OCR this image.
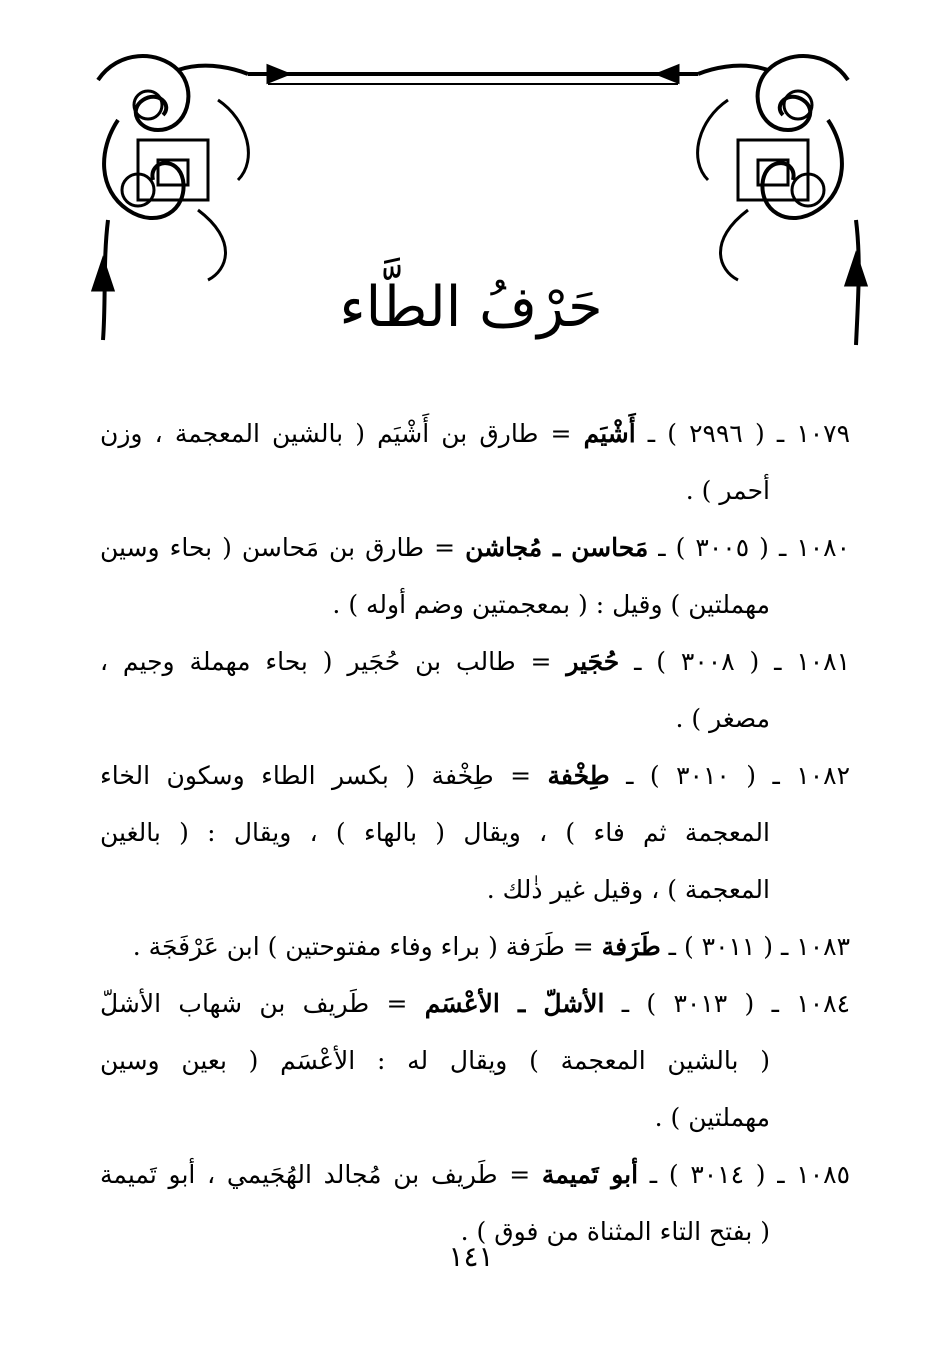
حَرْفُ الطَّاء
١٠٧٩ ـ ( ٢٩٩٦ ) ـ أَشْيَم = طارق بن أَشْيَم ( بالشين المعجمة ، وزن
أحمر ) .
١٠٨٠ ـ ( ٣٠٠٥ ) ـ مَحاسن ـ مُجاشن = طارق بن مَحاسن ( بحاء وسين
مهملتين ) وقيل : ( بمعجمتين وضم أوله ) .
١٠٨١ ـ ( ٣٠٠٨ ) ـ حُجَير = طالب بن حُجَير ( بحاء مهملة وجيم ،
مصغر ) .
١٠٨٢ ـ ( ٣٠١٠ ) ـ طِخْفة = طِخْفة ( بكسر الطاء وسكون الخاء
المعجمة ثم فاء ) ، ويقال ( بالهاء ) ، ويقال : ( بالغين
المعجمة ) ، وقيل غير ذٰلك .
١٠٨٣ ـ ( ٣٠١١ ) ـ طَرَفة = طَرَفة ( براء وفاء مفتوحتين ) ابن عَرْفَجَة .
١٠٨٤ ـ ( ٣٠١٣ ) ـ الأشلّ ـ الأعْسَم = طَريف بن شهاب الأشلّ
( بالشين المعجمة ) ويقال له : الأعْسَم ( بعين وسين
مهملتين ) .
١٠٨٥ ـ ( ٣٠١٤ ) ـ أبو تَميمة = طَريف بن مُجالد الهُجَيمي ، أبو تَميمة
( بفتح التاء المثناة من فوق ) .
١٤١
